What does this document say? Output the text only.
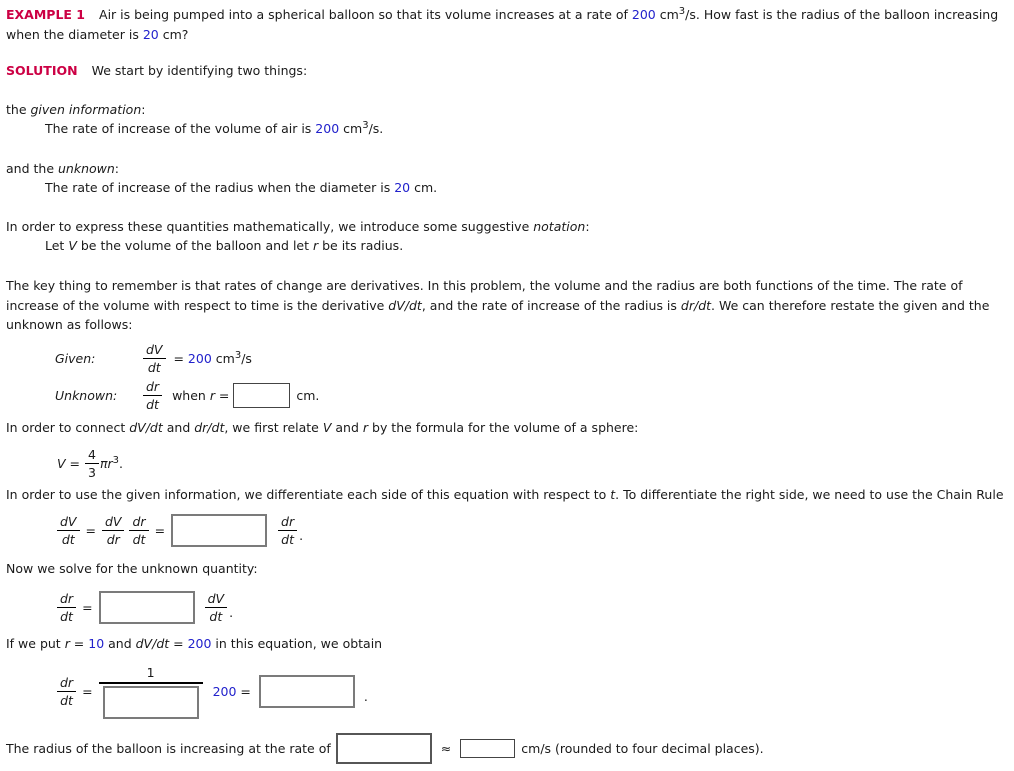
EXAMPLE 1 Air is being pumped into a spherical balloon so that its volume increases at a rate of 200 $cm^3/s$. How fast is the radius of the balloon increasing
when the diameter is 20 cm?
SOLUTION We start by identifying two things:
the given information:
The rate of increase of the volume of air is 200 $cm^3/s$.
and the unknown:
The rate of increase of the radius when the diameter is 20 cm.
In order to express these quantities mathematically, we introduce some suggestive notation:
Let V be the volume of the balloon and let r be its radius.
The key thing to remember is that rates of change are derivatives. In this problem, the volume and the radius are both functions of the time. The rate of
increase of the volume with respect to time is the derivative dV/dt, and the rate of increase of the radius is dr/dt. We can therefore restate the given and the
unknown as follows:
Given:	$\frac{dV}{dt} = 200$ $cm^3/s$
Unknown:	$\frac{dr}{dt}$ when r =	cm.
In order to connect dV/dt and dr/dt, we first relate V and r by the formula for the volume of a sphere:
$V = \frac{4}{3} \pi r^3$.
In order to use the given information, we differentiate each side of this equation with respect to t. To differentiate the right side, we need to use the Chain Rule
$\frac{dV}{dt} = \frac{dV}{dr} \frac{dr}{dt}$ =	$\frac{dr}{dt}$ .
Now we solve for the unknown quantity:
$\frac{dr}{dt}$ =	$\frac{dV}{dt}$ .
If we put r = 10 and dV/dt = 200 in this equation, we obtain
$\frac{dr}{dt}$ =
1
200 =	.
The radius of the balloon is increasing at the rate of	≈	cm/s (rounded to four decimal places).
